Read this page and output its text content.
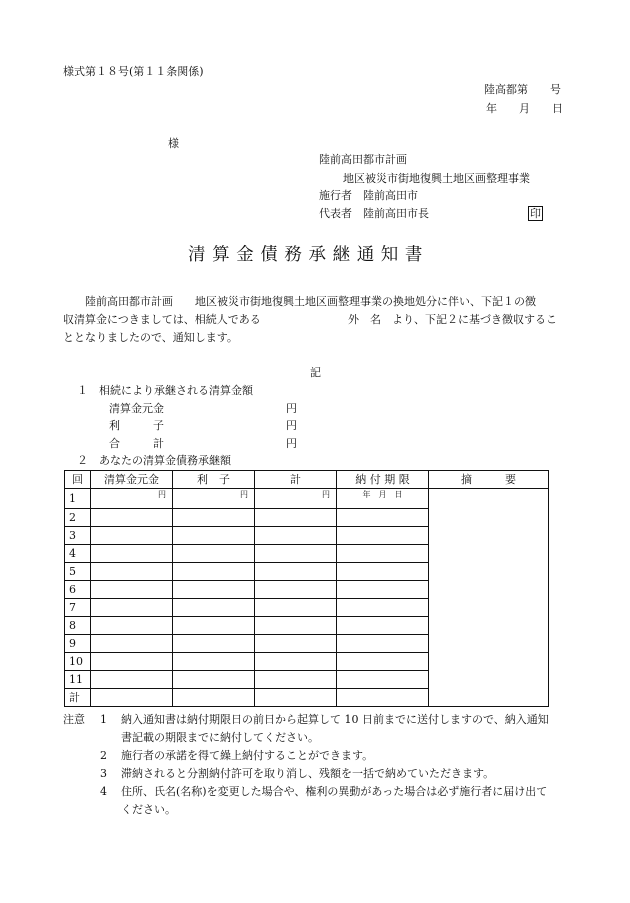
様式第１８号(第１１条関係)
陸高都第　　号
年　　月　　日
様
陸前高田都市計画
地区被災市街地復興土地区画整理事業
施行者　陸前高田市
代表者　陸前高田市長	印
清算金債務承継通知書
陸前高田都市計画　　地区被災市街地復興土地区画整理事業の換地処分に伴い、下記１の徴
収清算金につきましては、相続人である	外　名　より、下記２に基づき徴収するこ
ととなりましたので、通知します。
記
１　相続により承継される清算金額
清算金元金	円
利　　　子	円
合　　　計	円
２　あなたの清算金債務承継額
回	清算金元金	利　子	計	納 付 期 限	摘　　　要
1	円	円	円	年　月　日	
2					
3					
4					
5					
6					
7					
8					
9					
10					
11					
計					
注意 1 納入通知書は納付期限日の前日から起算して 10 日前までに送付しますので、納入通知
書記載の期限までに納付してください。
2 施行者の承諾を得て繰上納付することができます。
3 滞納されると分割納付許可を取り消し、残額を一括で納めていただきます。
4 住所、氏名(名称)を変更した場合や、権利の異動があった場合は必ず施行者に届け出て
ください。
